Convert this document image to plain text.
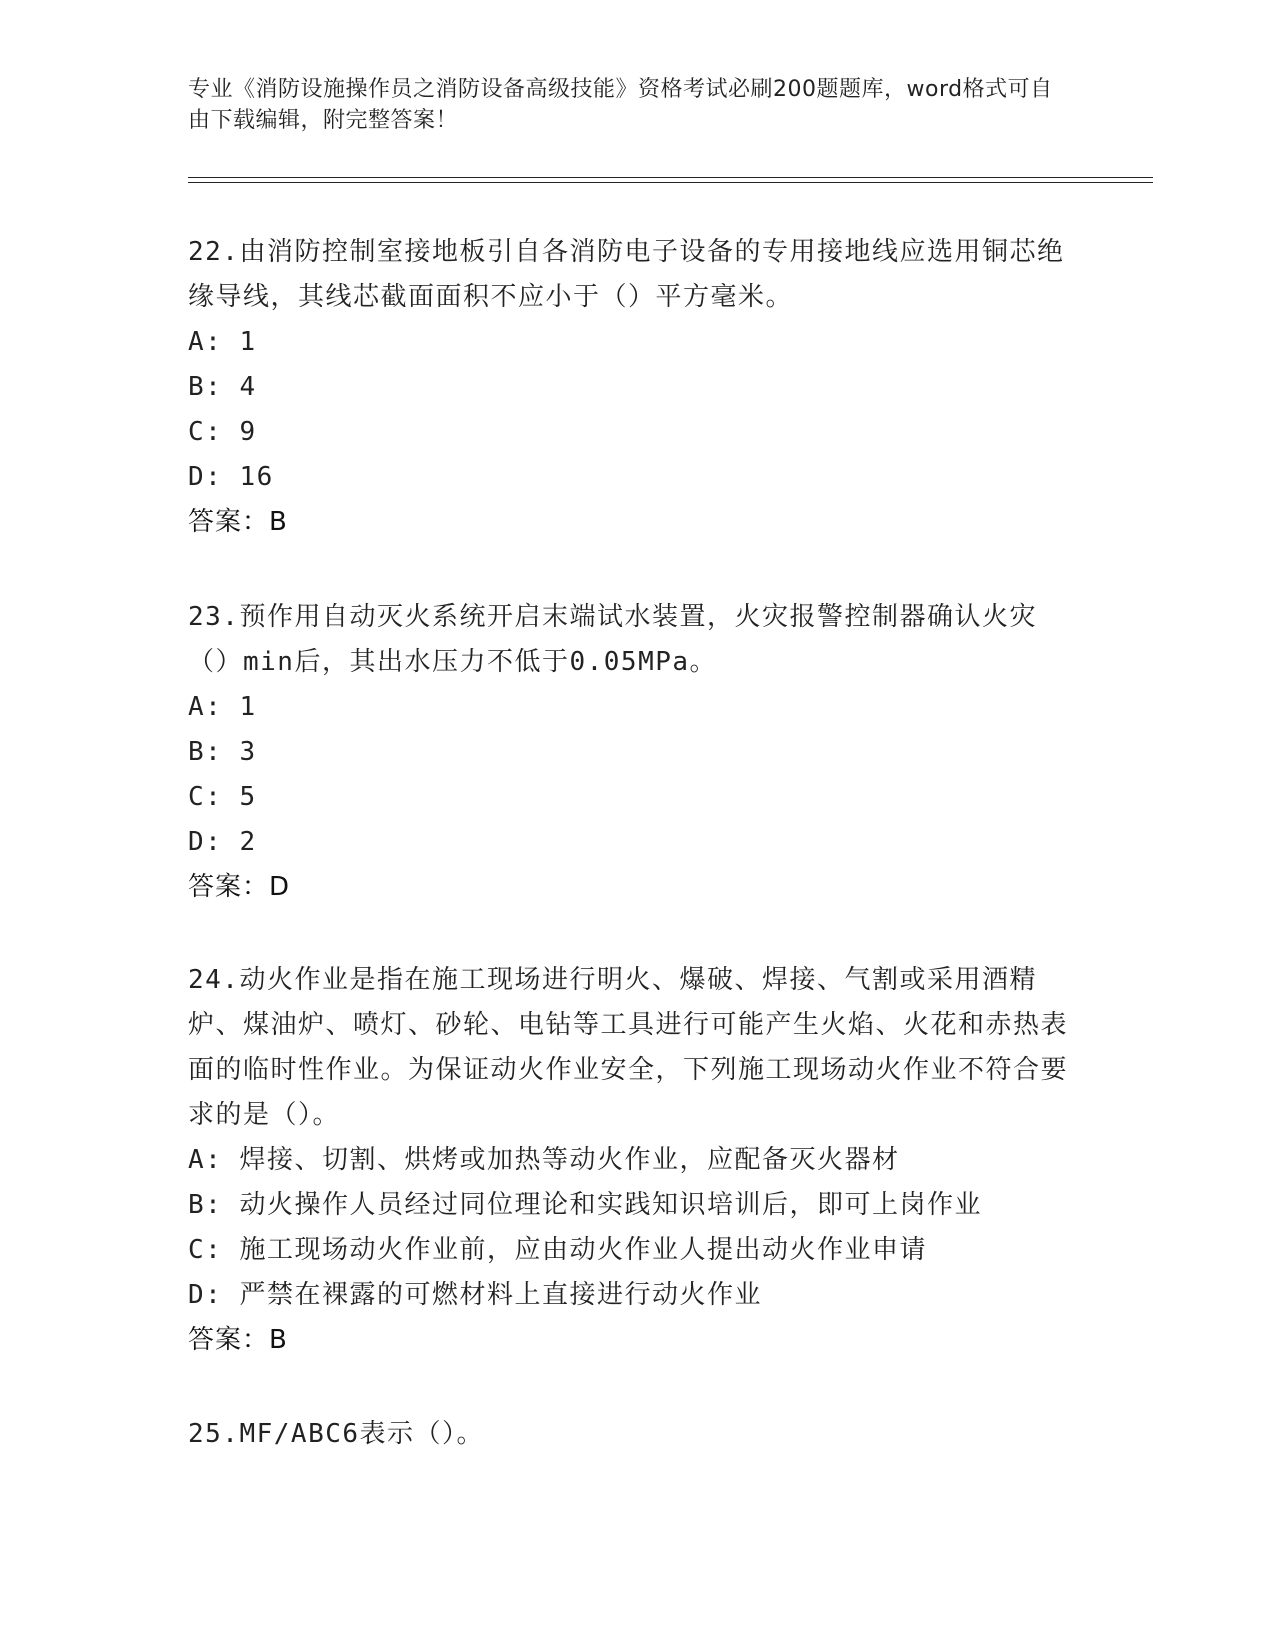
专业《消防设施操作员之消防设备高级技能》资格考试必刷200题题库，word格式可自由下载编辑，附完整答案！

22.由消防控制室接地板引自各消防电子设备的专用接地线应选用铜芯绝缘导线，其线芯截面面积不应小于（）平方毫米。

A: 1

B: 4

C: 9

D: 16

答案：B

23.预作用自动灭火系统开启末端试水装置，火灾报警控制器确认火灾（）min后，其出水压力不低于0.05MPa。

A: 1

B: 3

C: 5

D: 2

答案：D

24.动火作业是指在施工现场进行明火、爆破、焊接、气割或采用酒精炉、煤油炉、喷灯、砂轮、电钻等工具进行可能产生火焰、火花和赤热表面的临时性作业。为保证动火作业安全，下列施工现场动火作业不符合要求的是（）。

A: 焊接、切割、烘烤或加热等动火作业，应配备灭火器材

B: 动火操作人员经过同位理论和实践知识培训后，即可上岗作业

C: 施工现场动火作业前，应由动火作业人提出动火作业申请

D: 严禁在裸露的可燃材料上直接进行动火作业

答案：B

25.MF/ABC6表示（）。
